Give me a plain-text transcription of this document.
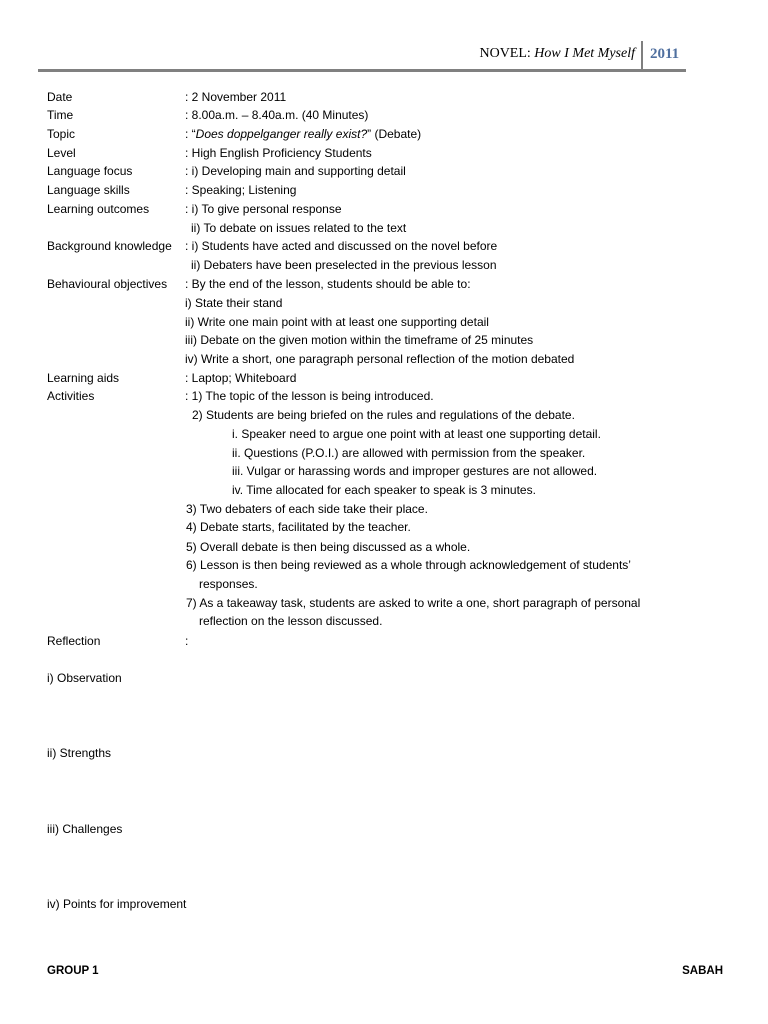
NOVEL: How I Met Myself 2011
Date	: 2 November 2011
Time	: 8.00a.m. – 8.40a.m. (40 Minutes)
Topic	: “Does doppelganger really exist?” (Debate)
Level	: High English Proficiency Students
Language focus	: i) Developing main and supporting detail
Language skills	: Speaking; Listening
Learning outcomes	: i) To give personal response
ii) To debate on issues related to the text
Background knowledge : i) Students have acted and discussed on the novel before
ii) Debaters have been preselected in the previous lesson
Behavioural objectives : By the end of the lesson, students should be able to:
i) State their stand
ii) Write one main point with at least one supporting detail
iii) Debate on the given motion within the timeframe of 25 minutes
iv) Write a short, one paragraph personal reflection of the motion debated
Learning aids	: Laptop; Whiteboard
Activities	: 1) The topic of the lesson is being introduced.
2) Students are being briefed on the rules and regulations of the debate.
i. Speaker need to argue one point with at least one supporting detail.
ii. Questions (P.O.I.) are allowed with permission from the speaker.
iii. Vulgar or harassing words and improper gestures are not allowed.
iv. Time allocated for each speaker to speak is 3 minutes.
3) Two debaters of each side take their place.
4) Debate starts, facilitated by the teacher.
5) Overall debate is then being discussed as a whole.
6) Lesson is then being reviewed as a whole through acknowledgement of students’
responses.
7) As a takeaway task, students are asked to write a one, short paragraph of personal
reflection on the lesson discussed.
Reflection	:
i) Observation
ii) Strengths
iii) Challenges
iv) Points for improvement
GROUP 1	SABAH
